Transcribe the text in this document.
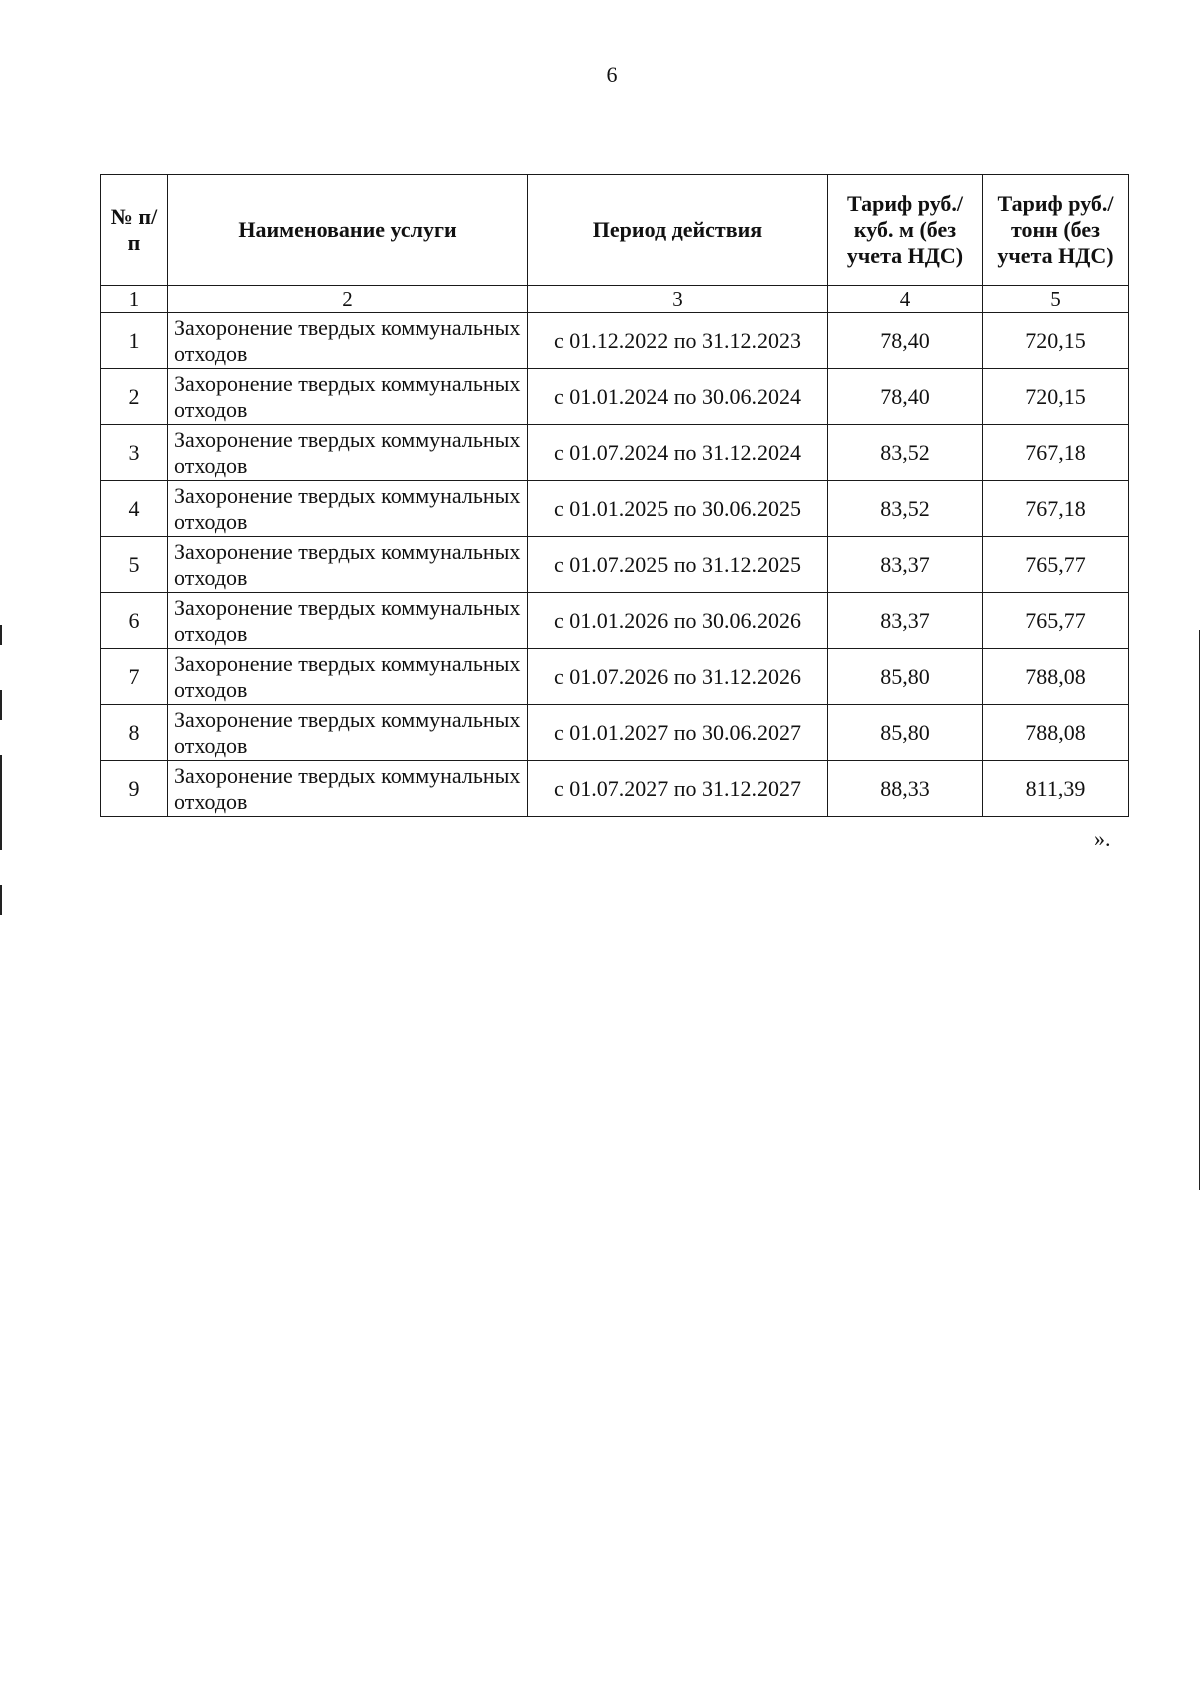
6
№ п/п	Наименование услуги	Период действия	Тариф руб./куб. м (без учета НДС)	Тариф руб./тонн (без учета НДС)
1	2	3	4	5
1	Захоронение твердых коммунальных отходов	с 01.12.2022 по 31.12.2023	78,40	720,15
2	Захоронение твердых коммунальных отходов	с 01.01.2024 по 30.06.2024	78,40	720,15
3	Захоронение твердых коммунальных отходов	с 01.07.2024 по 31.12.2024	83,52	767,18
4	Захоронение твердых коммунальных отходов	с 01.01.2025 по 30.06.2025	83,52	767,18
5	Захоронение твердых коммунальных отходов	с 01.07.2025 по 31.12.2025	83,37	765,77
6	Захоронение твердых коммунальных отходов	с 01.01.2026 по 30.06.2026	83,37	765,77
7	Захоронение твердых коммунальных отходов	с 01.07.2026 по 31.12.2026	85,80	788,08
8	Захоронение твердых коммунальных отходов	с 01.01.2027 по 30.06.2027	85,80	788,08
9	Захоронение твердых коммунальных отходов	с 01.07.2027 по 31.12.2027	88,33	811,39
».
